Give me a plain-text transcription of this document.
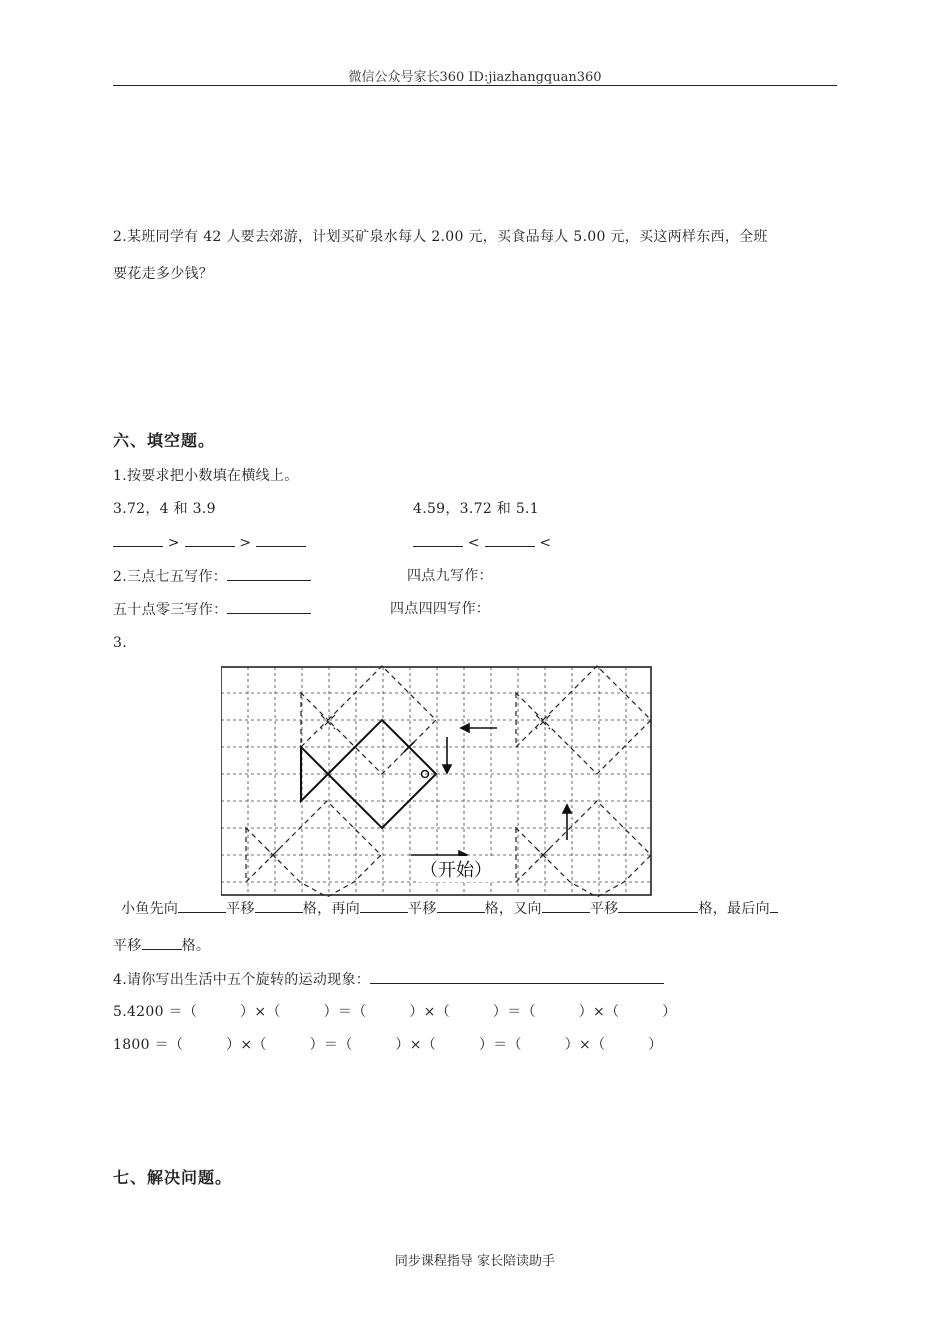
微信公众号家长360 ID:jiazhangquan360
2.某班同学有 42 人要去郊游，计划买矿泉水每人 2.00 元，买食品每人 5.00 元，买这两样东西，全班
要花走多少钱？
六、填空题。
1.按要求把小数填在横线上。
3.72，4 和 3.9	4.59，3.72 和 5.1
>	>	<	<
2.三点七五写作：	四点九写作：
五十点零三写作：	四点四四写作：
3.
（开始）
小鱼先向	平移	格，再向	平移	格，又向	平移	格，最后向
平移	格。
4.请你写出生活中五个旋转的运动现象：
5.4200 ＝（　　　）×（　　　）＝（　　　）×（　　　）＝（　　　）×（　　　）
1800 ＝（　　　）×（　　　）＝（　　　）×（　　　）＝（　　　）×（　　　）
七、解决问题。
同步课程指导 家长陪读助手
